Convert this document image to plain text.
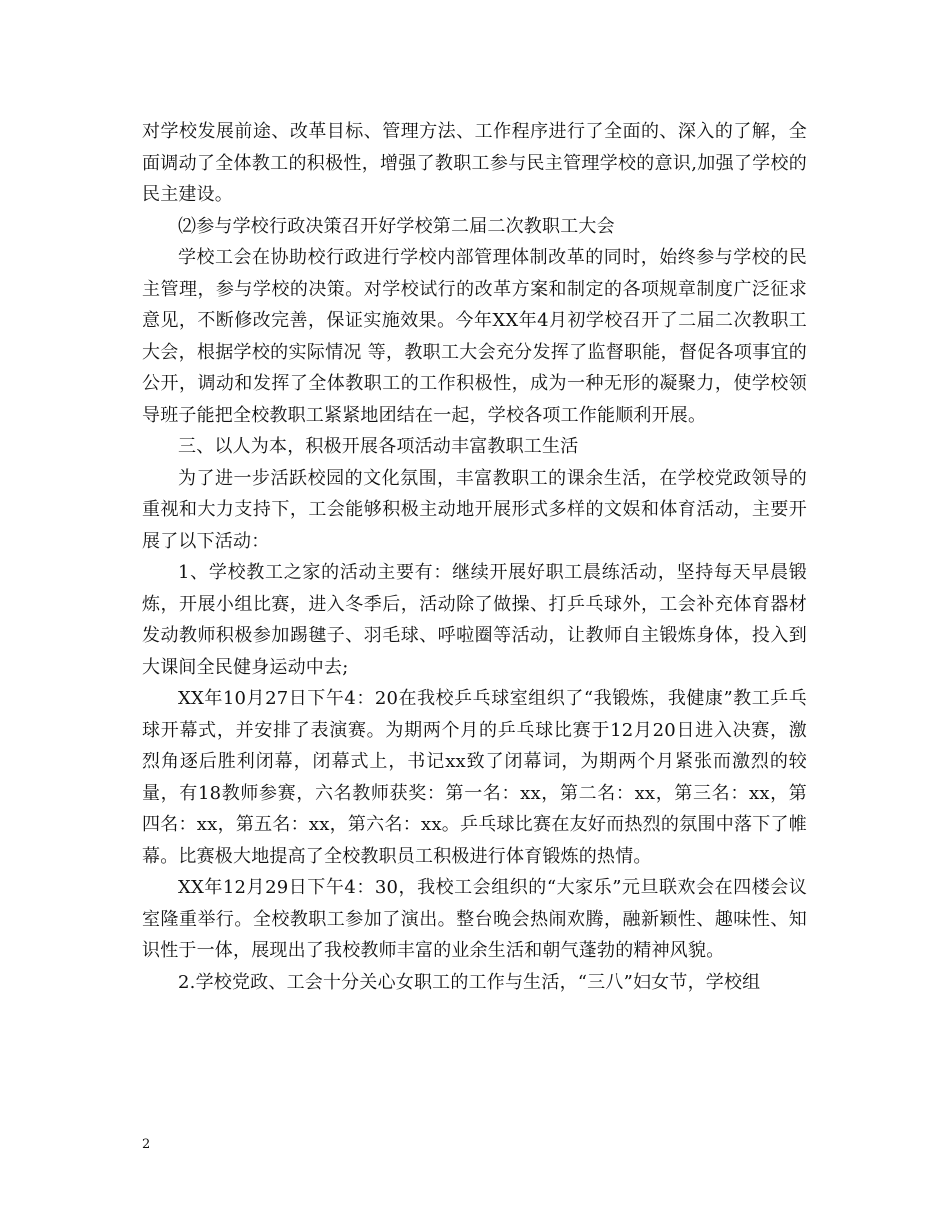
对学校发展前途、改革目标、管理方法、工作程序进行了全面的、深入的了解，全面调动了全体教工的积极性，增强了教职工参与民主管理学校的意识,加强了学校的民主建设。

⑵参与学校行政决策召开好学校第二届二次教职工大会

学校工会在协助校行政进行学校内部管理体制改革的同时，始终参与学校的民主管理，参与学校的决策。对学校试行的改革方案和制定的各项规章制度广泛征求意见，不断修改完善，保证实施效果。今年XX年4月初学校召开了二届二次教职工大会，根据学校的实际情况 等，教职工大会充分发挥了监督职能，督促各项事宜的公开，调动和发挥了全体教职工的工作积极性，成为一种无形的凝聚力，使学校领导班子能把全校教职工紧紧地团结在一起，学校各项工作能顺利开展。

三、以人为本，积极开展各项活动丰富教职工生活

为了进一步活跃校园的文化氛围，丰富教职工的课余生活，在学校党政领导的重视和大力支持下，工会能够积极主动地开展形式多样的文娱和体育活动，主要开展了以下活动：

1、学校教工之家的活动主要有：继续开展好职工晨练活动，坚持每天早晨锻炼，开展小组比赛，进入冬季后，活动除了做操、打乒乓球外，工会补充体育器材发动教师积极参加踢毽子、羽毛球、呼啦圈等活动，让教师自主锻炼身体，投入到大课间全民健身运动中去;

XX年10月27日下午4：20在我校乒乓球室组织了“我锻炼，我健康”教工乒乓球开幕式，并安排了表演赛。为期两个月的乒乓球比赛于12月20日进入决赛，激烈角逐后胜利闭幕，闭幕式上，书记xx致了闭幕词，为期两个月紧张而激烈的较量，有18教师参赛，六名教师获奖：第一名：xx，第二名：xx，第三名：xx，第四名：xx，第五名：xx，第六名：xx。乒乓球比赛在友好而热烈的氛围中落下了帷幕。比赛极大地提高了全校教职员工积极进行体育锻炼的热情。

XX年12月29日下午4：30，我校工会组织的“大家乐”元旦联欢会在四楼会议室隆重举行。全校教职工参加了演出。整台晚会热闹欢腾，融新颖性、趣味性、知识性于一体，展现出了我校教师丰富的业余生活和朝气蓬勃的精神风貌。

2.学校党政、工会十分关心女职工的工作与生活，“三八”妇女节，学校组

2
